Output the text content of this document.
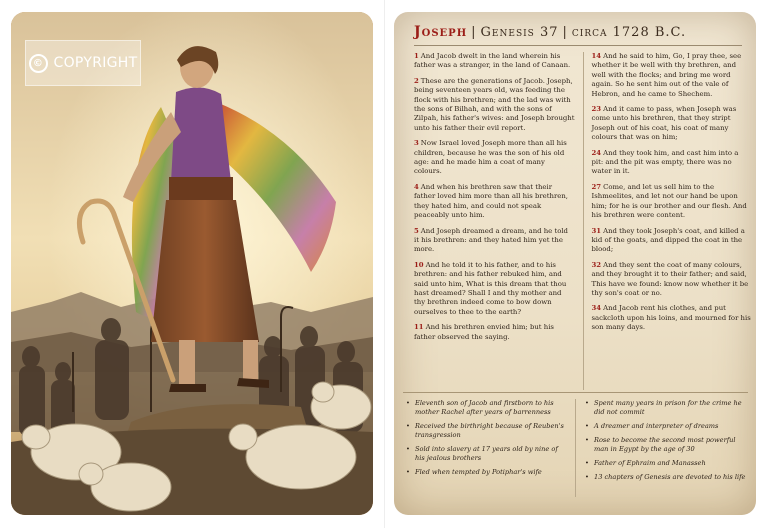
© COPYRIGHT
Joseph | Genesis 37 | circa 1728 B.C.

1 And Jacob dwelt in the land wherein his father was a stranger, in the land of Canaan.

2 These are the generations of Jacob. Joseph, being seventeen years old, was feeding the flock with his brethren; and the lad was with the sons of Bilhah, and with the sons of Zilpah, his father's wives: and Joseph brought unto his father their evil report.

3 Now Israel loved Joseph more than all his children, because he was the son of his old age: and he made him a coat of many colours.

4 And when his brethren saw that their father loved him more than all his brethren, they hated him, and could not speak peaceably unto him.

5 And Joseph dreamed a dream, and he told it his brethren: and they hated him yet the more.

10 And he told it to his father, and to his brethren: and his father rebuked him, and said unto him, What is this dream that thou hast dreamed? Shall I and thy mother and thy brethren indeed come to bow down ourselves to thee to the earth?

11 And his brethren envied him; but his father observed the saying.

14 And he said to him, Go, I pray thee, see whether it be well with thy brethren, and well with the flocks; and bring me word again. So he sent him out of the vale of Hebron, and he came to Shechem.

23 And it came to pass, when Joseph was come unto his brethren, that they stript Joseph out of his coat, his coat of many colours that was on him;

24 And they took him, and cast him into a pit: and the pit was empty, there was no water in it.

27 Come, and let us sell him to the Ishmeelites, and let not our hand be upon him; for he is our brother and our flesh. And his brethren were content.

31 And they took Joseph's coat, and killed a kid of the goats, and dipped the coat in the blood;

32 And they sent the coat of many colours, and they brought it to their father; and said, This have we found: know now whether it be thy son's coat or no.

34 And Jacob rent his clothes, and put sackcloth upon his loins, and mourned for his son many days.

• Eleventh son of Jacob and firstborn to his mother Rachel after years of barrenness
• Received the birthright because of Reuben's transgression
• Sold into slavery at 17 years old by nine of his jealous brothers
• Fled when tempted by Potiphar's wife
• Spent many years in prison for the crime he did not commit
• A dreamer and interpreter of dreams
• Rose to become the second most powerful man in Egypt by the age of 30
• Father of Ephraim and Manasseh
• 13 chapters of Genesis are devoted to his life
